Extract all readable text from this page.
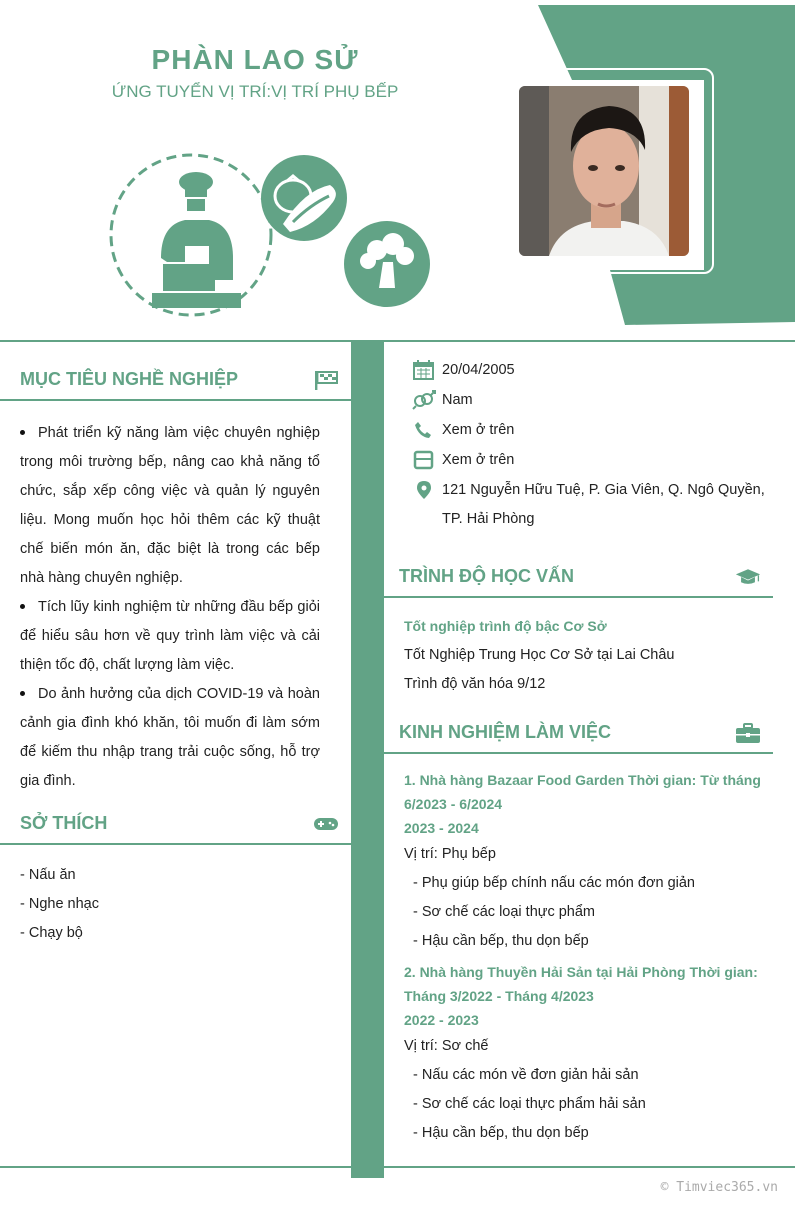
PHÀN LAO SỬ
ỨNG TUYỂN VỊ TRÍ:VỊ TRÍ PHỤ BẾP
MỤC TIÊU NGHỀ NGHIỆP
Phát triển kỹ năng làm việc chuyên nghiệp trong môi trường bếp, nâng cao khả năng tổ chức, sắp xếp công việc và quản lý nguyên liệu. Mong muốn học hỏi thêm các kỹ thuật chế biến món ăn, đặc biệt là trong các bếp nhà hàng chuyên nghiệp.
Tích lũy kinh nghiệm từ những đầu bếp giỏi để hiểu sâu hơn về quy trình làm việc và cải thiện tốc độ, chất lượng làm việc.
Do ảnh hưởng của dịch COVID-19 và hoàn cảnh gia đình khó khăn, tôi muốn đi làm sớm để kiếm thu nhập trang trải cuộc sống, hỗ trợ gia đình.
SỞ THÍCH
- Nấu ăn
- Nghe nhạc
- Chạy bộ
20/04/2005
Nam
Xem ở trên
Xem ở trên
121 Nguyễn Hữu Tuệ, P. Gia Viên, Q. Ngô Quyền, TP. Hải Phòng
TRÌNH ĐỘ HỌC VẤN
Tốt nghiệp trình độ bậc Cơ Sở
Tốt Nghiệp Trung Học Cơ Sở tại Lai Châu
Trình độ văn hóa 9/12
KINH NGHIỆM LÀM VIỆC
1. Nhà hàng Bazaar Food Garden Thời gian: Từ tháng 6/2023 - 6/2024
2023 - 2024
Vị trí: Phụ bếp
- Phụ giúp bếp chính nấu các món đơn giản
- Sơ chế các loại thực phẩm
- Hậu cần bếp, thu dọn bếp
2. Nhà hàng Thuyền Hải Sản tại Hải Phòng Thời gian: Tháng 3/2022 - Tháng 4/2023
2022 - 2023
Vị trí: Sơ chế
- Nấu các món về đơn giản hải sản
- Sơ chế các loại thực phẩm hải sản
- Hậu cần bếp, thu dọn bếp
© Timviec365.vn
